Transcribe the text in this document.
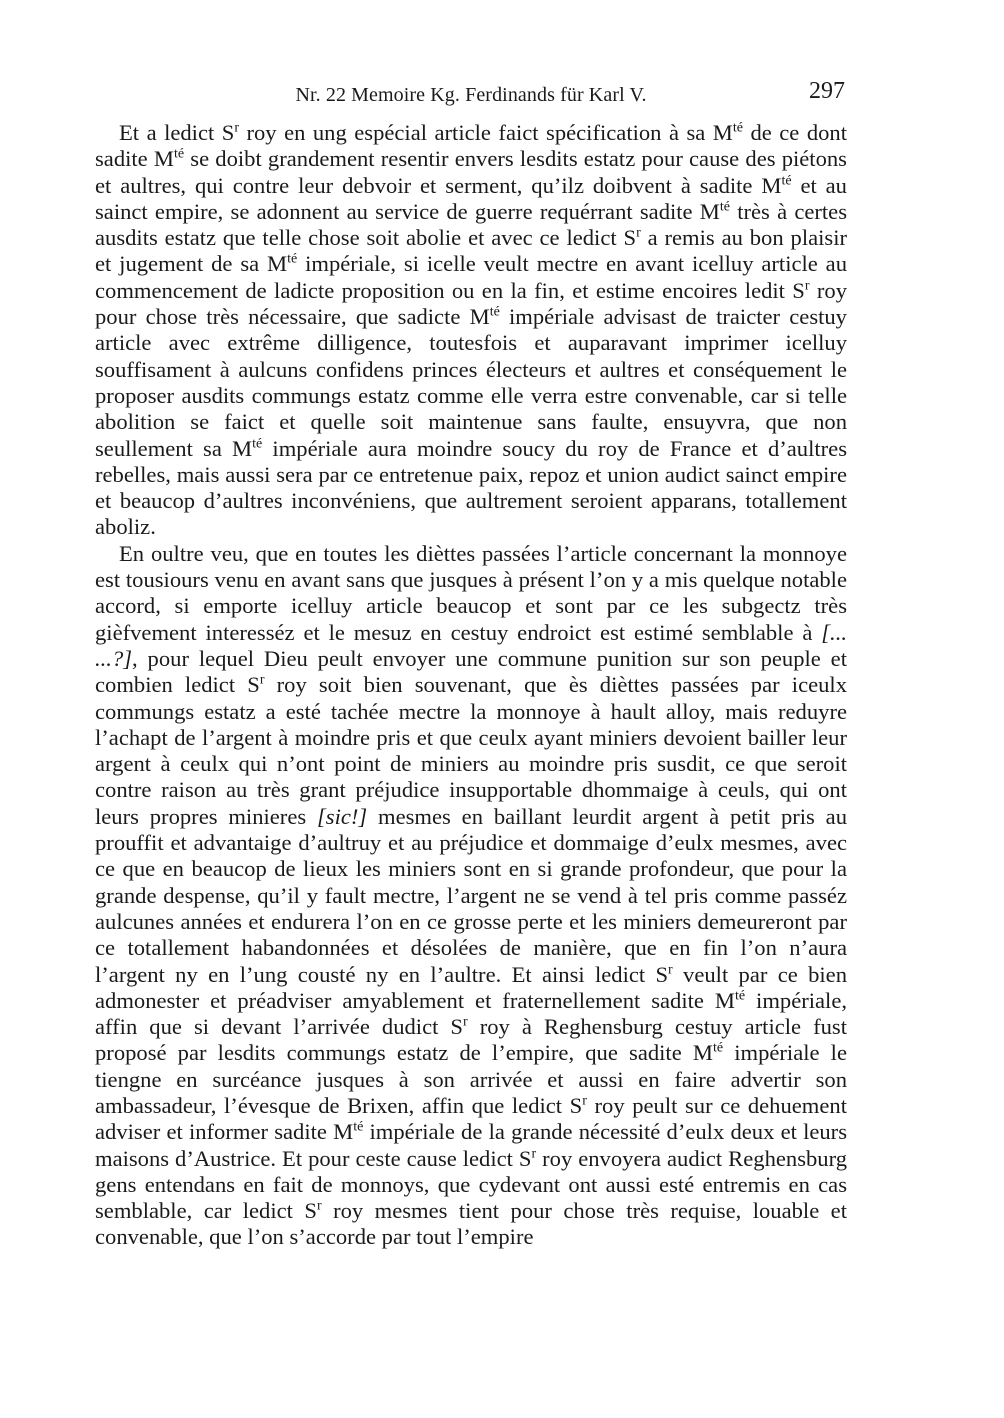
Nr. 22 Memoire Kg. Ferdinands für Karl V.	297

Et a ledict $S^r$ roy en ung espécial article faict spécification à sa $M^{té}$ de ce dont sadite $M^{té}$ se doibt grandement resentir envers lesdits estatz pour cause des piétons et aultres, qui contre leur debvoir et serment, qu’ilz doibvent à sadite $M^{té}$ et au sainct empire, se adonnent au service de guerre requérrant sadite $M^{té}$ très à certes ausdits estatz que telle chose soit abolie et avec ce ledict $S^r$ a remis au bon plaisir et jugement de sa $M^{té}$ impériale, si icelle veult mectre en avant icelluy article au commencement de ladicte proposition ou en la fin, et estime encoires ledit $S^r$ roy pour chose très nécessaire, que sadicte $M^{té}$ impériale advisast de traicter cestuy article avec extrême dilligence, toutesfois et auparavant imprimer icelluy souffisament à aulcuns confidens princes électeurs et aultres et conséquement le proposer ausdits commungs estatz comme elle verra estre convenable, car si telle abolition se faict et quelle soit maintenue sans faulte, ensuyvra, que non seullement sa $M^{té}$ impériale aura moindre soucy du roy de France et d’aultres rebelles, mais aussi sera par ce entretenue paix, repoz et union audict sainct empire et beaucop d’aultres inconvéniens, que aultrement seroient apparans, totallement aboliz.

En oultre veu, que en toutes les dièttes passées l’article concernant la monnoye est tousiours venu en avant sans que jusques à présent l’on y a mis quelque notable accord, si emporte icelluy article beaucop et sont par ce les subgectz très gièfvement interesséz et le mesuz en cestuy endroict est estimé semblable à [... ...?], pour lequel Dieu peult envoyer une commune punition sur son peuple et combien ledict $S^r$ roy soit bien souvenant, que ès dièttes passées par iceulx commungs estatz a esté tachée mectre la monnoye à hault alloy, mais reduyre l’achapt de l’argent à moindre pris et que ceulx ayant miniers devoient bailler leur argent à ceulx qui n’ont point de miniers au moindre pris susdit, ce que seroit contre raison au très grant préjudice insupportable dhommaige à ceuls, qui ont leurs propres minieres [sic!] mesmes en baillant leurdit argent à petit pris au prouffit et advantaige d’aultruy et au préjudice et dommaige d’eulx mesmes, avec ce que en beaucop de lieux les miniers sont en si grande profondeur, que pour la grande despense, qu’il y fault mectre, l’argent ne se vend à tel pris comme passéz aulcunes années et endurera l’on en ce grosse perte et les miniers demeureront par ce totallement habandonnées et désolées de manière, que en fin l’on n’aura l’argent ny en l’ung cousté ny en l’aultre. Et ainsi ledict $S^r$ veult par ce bien admonester et préadviser amyablement et fraternellement sadite $M^{té}$ impériale, affin que si devant l’arrivée dudict $S^r$ roy à Reghensburg cestuy article fust proposé par lesdits commungs estatz de l’empire, que sadite $M^{té}$ impériale le tiengne en surcéance jusques à son arrivée et aussi en faire advertir son ambassadeur, l’évesque de Brixen, affin que ledict $S^r$ roy peult sur ce dehuement adviser et informer sadite $M^{té}$ impériale de la grande nécessité d’eulx deux et leurs maisons d’Austrice. Et pour ceste cause ledict $S^r$ roy envoyera audict Reghensburg gens entendans en fait de monnoys, que cydevant ont aussi esté entremis en cas semblable, car ledict $S^r$ roy mesmes tient pour chose très requise, louable et convenable, que l’on s’accorde par tout l’empire
